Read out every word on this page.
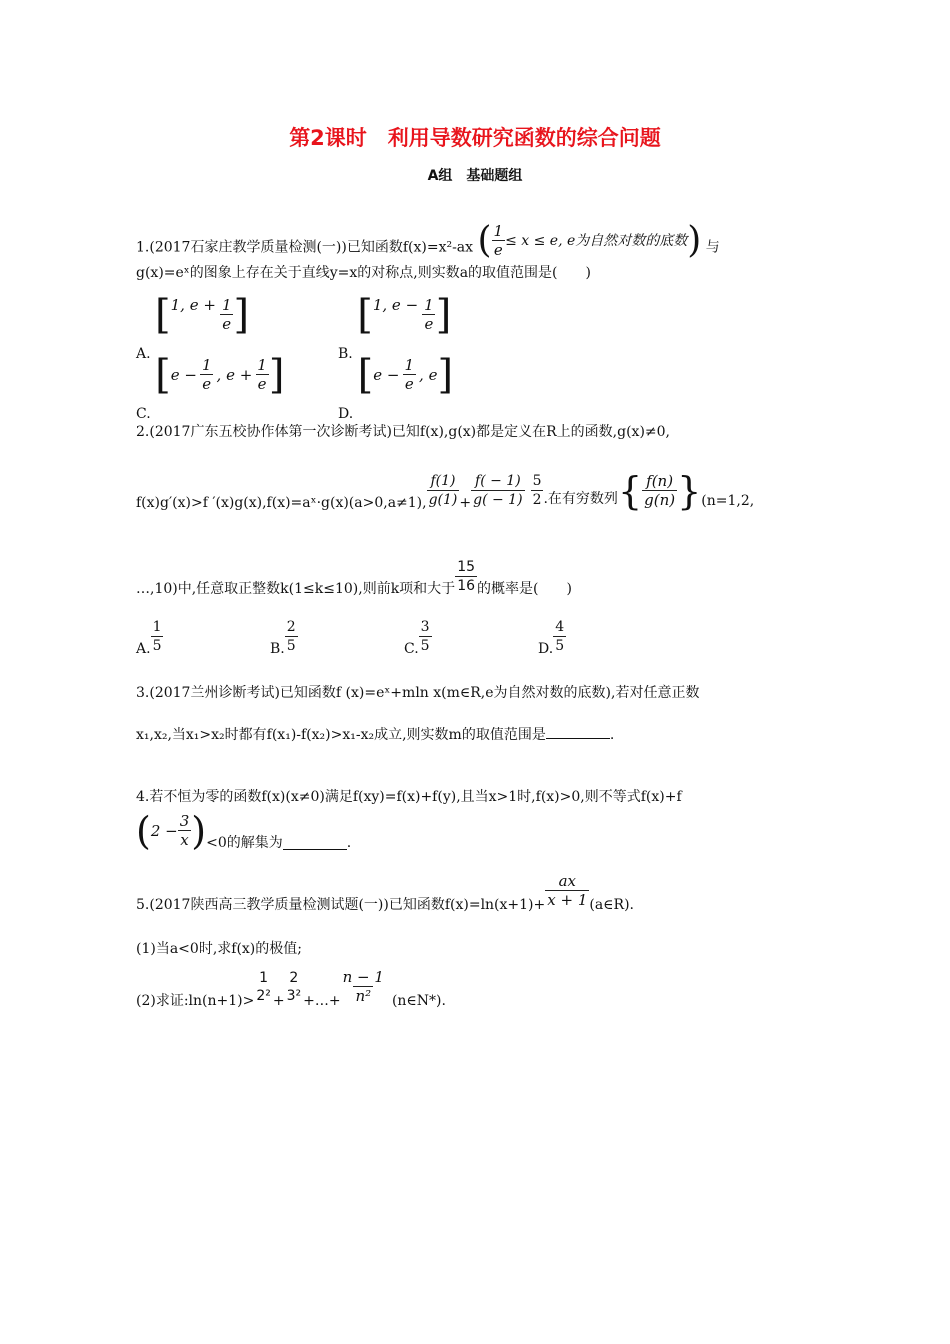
第2课时　利用导数研究函数的综合问题
A组　基础题组
1.(2017石家庄教学质量检测(一))已知函数f(x)=x²-ax ( $\frac{1}{e} \le x \le e$, e为自然对数的底数 ) 与
g(x)=eˣ的图象上存在关于直线y=x的对称点,则实数a的取值范围是(　　)
A.
[ 1, $e + \frac{1}{e}$ ]
B.
[ 1, $e - \frac{1}{e}$ ]
C.
[ $e - \frac{1}{e}$ , $e + \frac{1}{e}$ ]
D.
[ $e - \frac{1}{e}$ , e ]
2.(2017广东五校协作体第一次诊断考试)已知f(x),g(x)都是定义在R上的函数,g(x)≠0,
f(x)g′(x)>f ′(x)g(x),f(x)=aˣ·g(x)(a>0,a≠1), $\frac{f(1)}{g(1)} + \frac{f( - 1)}{g( - 1)} \frac{5}{2}$ .在有穷数列 { $\frac{f(n)}{g(n)}$ } (n=1,2,
…,10)中,任意取正整数k(1≤k≤10),则前k项和大于 $\frac{15}{16}$ 的概率是(　　)
A. $\frac{1}{5}$	B. $\frac{2}{5}$	C. $\frac{3}{5}$	D. $\frac{4}{5}$
3.(2017兰州诊断考试)已知函数f (x)=eˣ+mln x(m∈R,e为自然对数的底数),若对任意正数
x₁,x₂,当x₁>x₂时都有f(x₁)-f(x₂)>x₁-x₂成立,则实数m的取值范围是	.
4.若不恒为零的函数f(x)(x≠0)满足f(xy)=f(x)+f(y),且当x>1时,f(x)>0,则不等式f(x)+f
( $2 - \frac{3}{x}$ ) <0的解集为	.
5.(2017陕西高三教学质量检测试题(一))已知函数$f(x)=\ln(x+1)+ \frac{ax}{x + 1}$ (a∈R).
(1)当a<0时,求f(x)的极值;
(2)求证:ln(n+1)>
1
2² +
2
3² +…+ $\frac{n - 1}{\text{n²}}$ (n∈N*).
